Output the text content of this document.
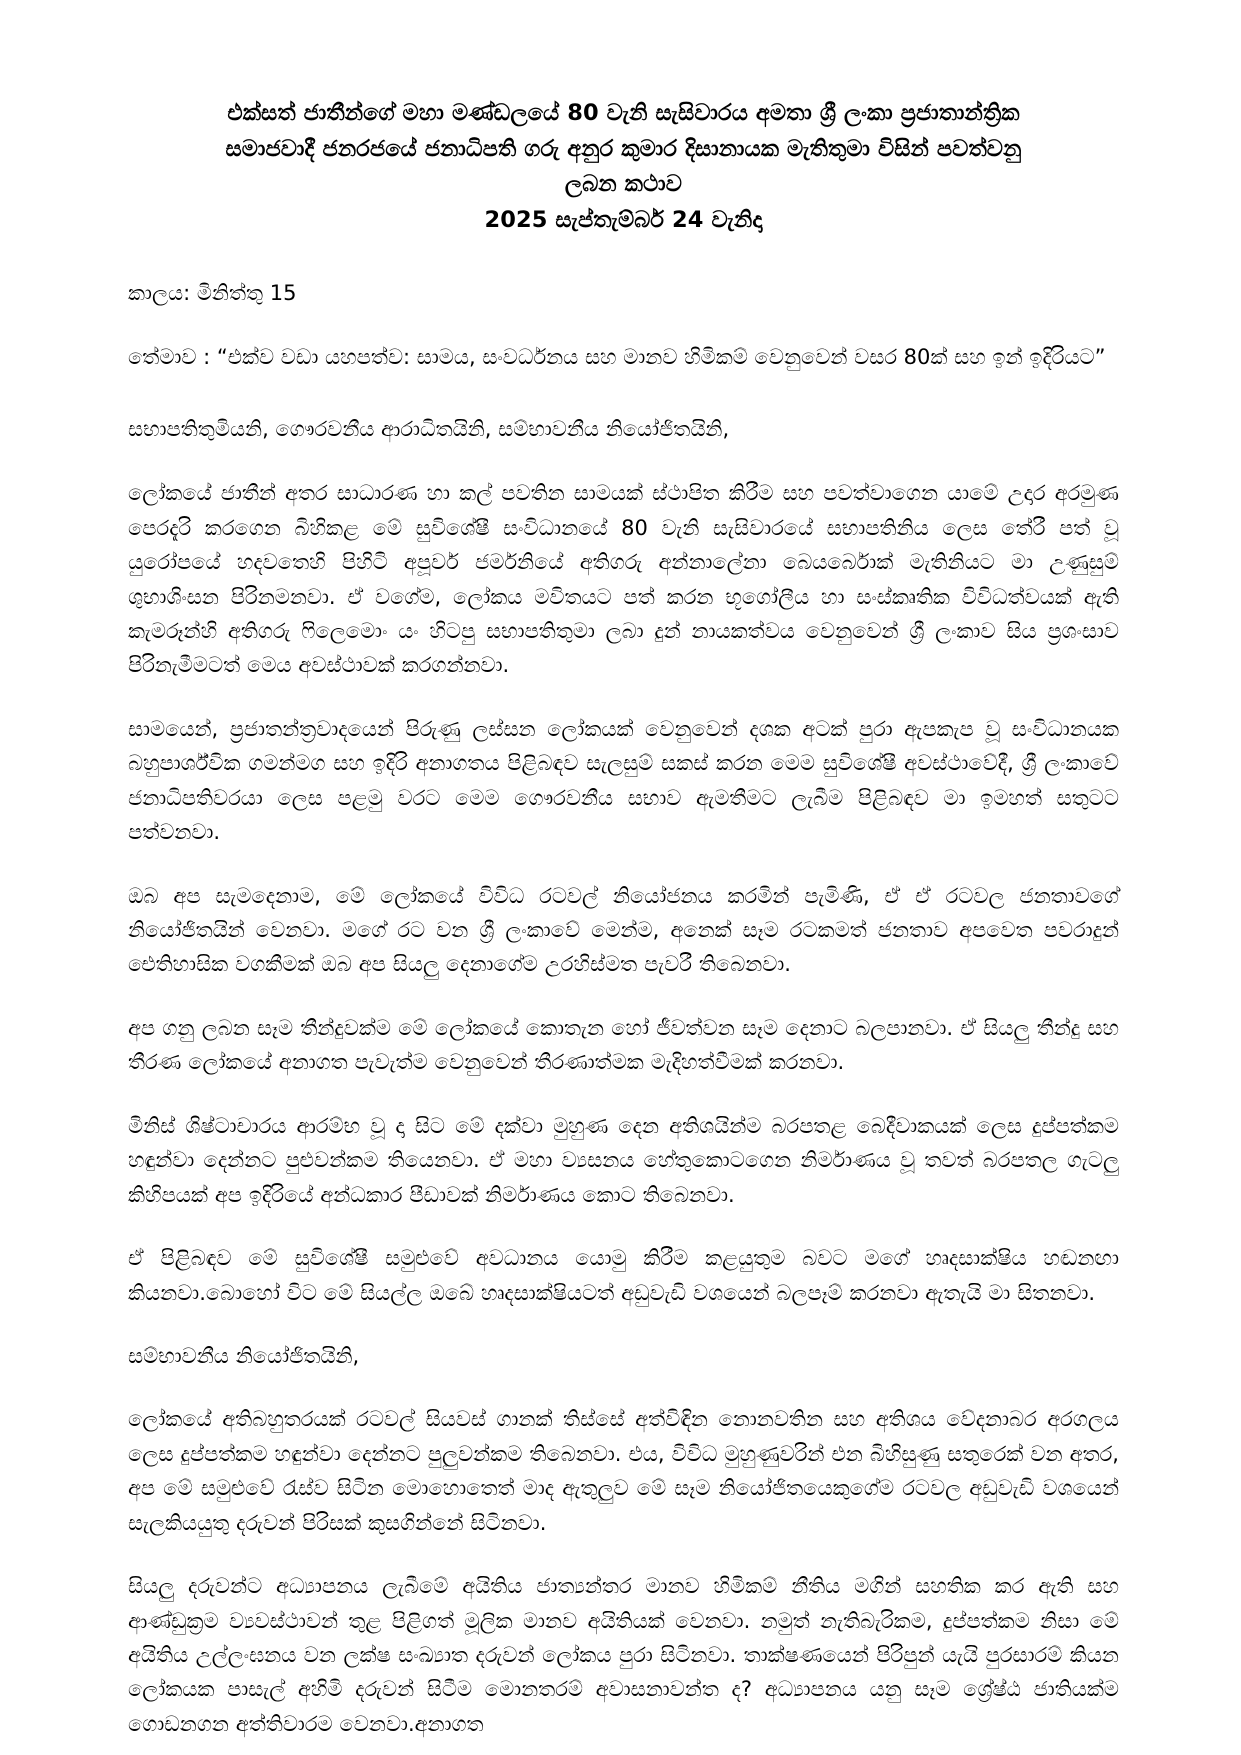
එක්සත් ජාතීන්ගේ මහා මණ්ඩලයේ 80 වැනි සැසිවාරය අමතා ශ්‍රී ලංකා ප්‍රජාතාන්ත්‍රික
සමාජවාදී ජනරජයේ ජනාධිපති ගරු අනුර කුමාර දිසානායක මැතිතුමා විසින් පවත්වනු
ලබන කථාව
2025 සැප්තැම්බර් 24 වැනිදා
කාලය: මිනිත්තු 15
තේමාව : “එක්ව වඩා යහපත්ව: සාමය, සංවර්ධනය සහ මානව හිමිකම් වෙනුවෙන් වසර 80ක් සහ ඉන් ඉදිරියට”
සභාපතිතුමියනි, ගෞරවනීය ආරාධිතයිනි, සම්භාවනීය නියෝජිතයිනි,

ලෝකයේ ජාතීන් අතර සාධාරණ හා කල් පවතින සාමයක් ස්ථාපිත කිරීම සහ පවත්වාගෙන යාමේ උදාර අරමුණ පෙරදැරි කරගෙන බිහිකළ මේ සුවිශේෂී සංවිධානයේ 80 වැනි සැසිවාරයේ සභාපතිනිය ලෙස තේරී පත් වූ යුරෝපයේ හදවතෙහි පිහිටි අපූර්ව ජර්මනියේ අතිගරු අන්නාලේනා බෙයර්බොක් මැතිනියට මා උණුසුම් ශුභාශිංසන පිරිනමනවා. ඒ වගේම, ලෝකය මවිතයට පත් කරන භූගෝලීය හා සංස්කෘතික විවිධත්වයක් ඇති කැමරූන්හි අතිගරු ෆිලෙමොං යං හිටපු සභාපතිතුමා ලබා දුන් නායකත්වය වෙනුවෙන් ශ්‍රී ලංකාව සිය ප්‍රශංසාව පිරිනැමීමටත් මෙය අවස්ථාවක් කරගන්නවා.

සාමයෙන්, ප්‍රජාතන්ත්‍රවාදයෙන් පිරුණු ලස්සන ලෝකයක් වෙනුවෙන් දශක අටක් පුරා ඇපකැප වූ සංවිධානයක බහුපාර්ශ්වික ගමන්මග සහ ඉදිරි අනාගතය පිළිබඳව සැලසුම් සකස් කරන මෙම සුවිශේෂී අවස්ථාවේදී, ශ්‍රී ලංකාවේ ජනාධිපතිවරයා ලෙස පළමු වරට මෙම ගෞරවනීය සභාව ඇමතීමට ලැබීම පිළිබඳව මා ඉමහත් සතුටට පත්වනවා.

ඔබ අප සැමදෙනාම, මේ ලෝකයේ විවිධ රටවල් නියෝජනය කරමින් පැමිණි, ඒ ඒ රටවල ජනතාවගේ නියෝජිතයින් වෙනවා. මගේ රට වන ශ්‍රී ලංකාවේ මෙන්ම, අනෙක් සෑම රටකමත් ජනතාව අපවෙත පවරාදුන් ඓතිහාසික වගකීමක් ඔබ අප සියලු දෙනාගේම උරහිස්මත පැවරී තිබෙනවා.

අප ගනු ලබන සෑම තීන්දුවක්ම මේ ලෝකයේ කොතැන හෝ ජීවත්වන සෑම දෙනාට බලපානවා. ඒ සියලු තීන්දු සහ තීරණ ලෝකයේ අනාගත පැවැත්ම වෙනුවෙන් තීරණාත්මක මැදිහත්වීමක් කරනවා.

මිනිස් ශිෂ්ටාචාරය ආරම්භ වූ දා සිට මේ දක්වා මුහුණ දෙන අතිශයින්ම බරපතළ බෙදීවාකයක් ලෙස දුප්පත්කම හඳුන්වා දෙන්නට පුළුවන්කම තියෙනවා. ඒ මහා ව්‍යසනය හේතුකොටගෙන නිර්මාණය වූ තවත් බරපතල ගැටලු කිහිපයක් අප ඉදිරියේ අන්ධකාර පීඩාවක් නිර්මාණය කොට තිබෙනවා.

ඒ පිළිබඳව මේ සුවිශේෂී සමුළුවේ අවධානය යොමු කිරීම කළයුතුම බවට මගේ හෘදසාක්ෂිය හඬනඟා කියනවා.බොහෝ විට මේ සියල්ල ඔබේ හෘදසාක්ෂියටත් අඩුවැඩි වශයෙන් බලපෑම් කරනවා ඇතැයි මා සිතනවා.

සම්භාවනීය නියෝජිතයිනි,

ලෝකයේ අතිබහුතරයක් රටවල් සියවස් ගානක් තිස්සේ අත්විඳින නොනවතින සහ අතිශය වේදනාබර අරගලය ලෙස දුප්පත්කම හඳුන්වා දෙන්නට පුලුවන්කම තිබෙනවා. එය, විවිධ මුහුණුවරින් එන බිහිසුණු සතුරෙක් වන අතර, අප මේ සමුළුවේ රැස්ව සිටින මොහොතෙත් මාද ඇතුලුව මේ සෑම නියෝජිතයෙකුගේම රටවල අඩුවැඩි වශයෙන් සැලකියයුතු දරුවන් පිරිසක් කුසගින්නේ සිටිනවා.

සියලු දරුවන්ට අධ්‍යාපනය ලැබීමේ අයිතිය ජාත්‍යන්තර මානව හිමිකම් නීතිය මගින් සහතික කර ඇති සහ ආණ්ඩුක්‍රම ව්‍යවස්ථාවන් තුළ පිළිගත් මූලික මානව අයිතියක් වෙනවා. නමුත් නැතිබැරිකම, දුප්පත්කම නිසා මේ අයිතිය උල්ලංඝනය වන ලක්ෂ සංඛ්‍යාත දරුවන් ලෝකය පුරා සිටිනවා. තාක්ෂණයෙන් පිරිපුන් යැයි පුරසාරම් කියන ලෝකයක පාසැල් අහිමි දරුවන් සිටීම මොනතරම් අවාසනාවන්ත ද? අධ්‍යාපනය යනු සෑම ශ්‍රේෂ්ඨ ජාතියක්ම ගොඩනගන අත්තිවාරම වෙනවා.අනාගත
